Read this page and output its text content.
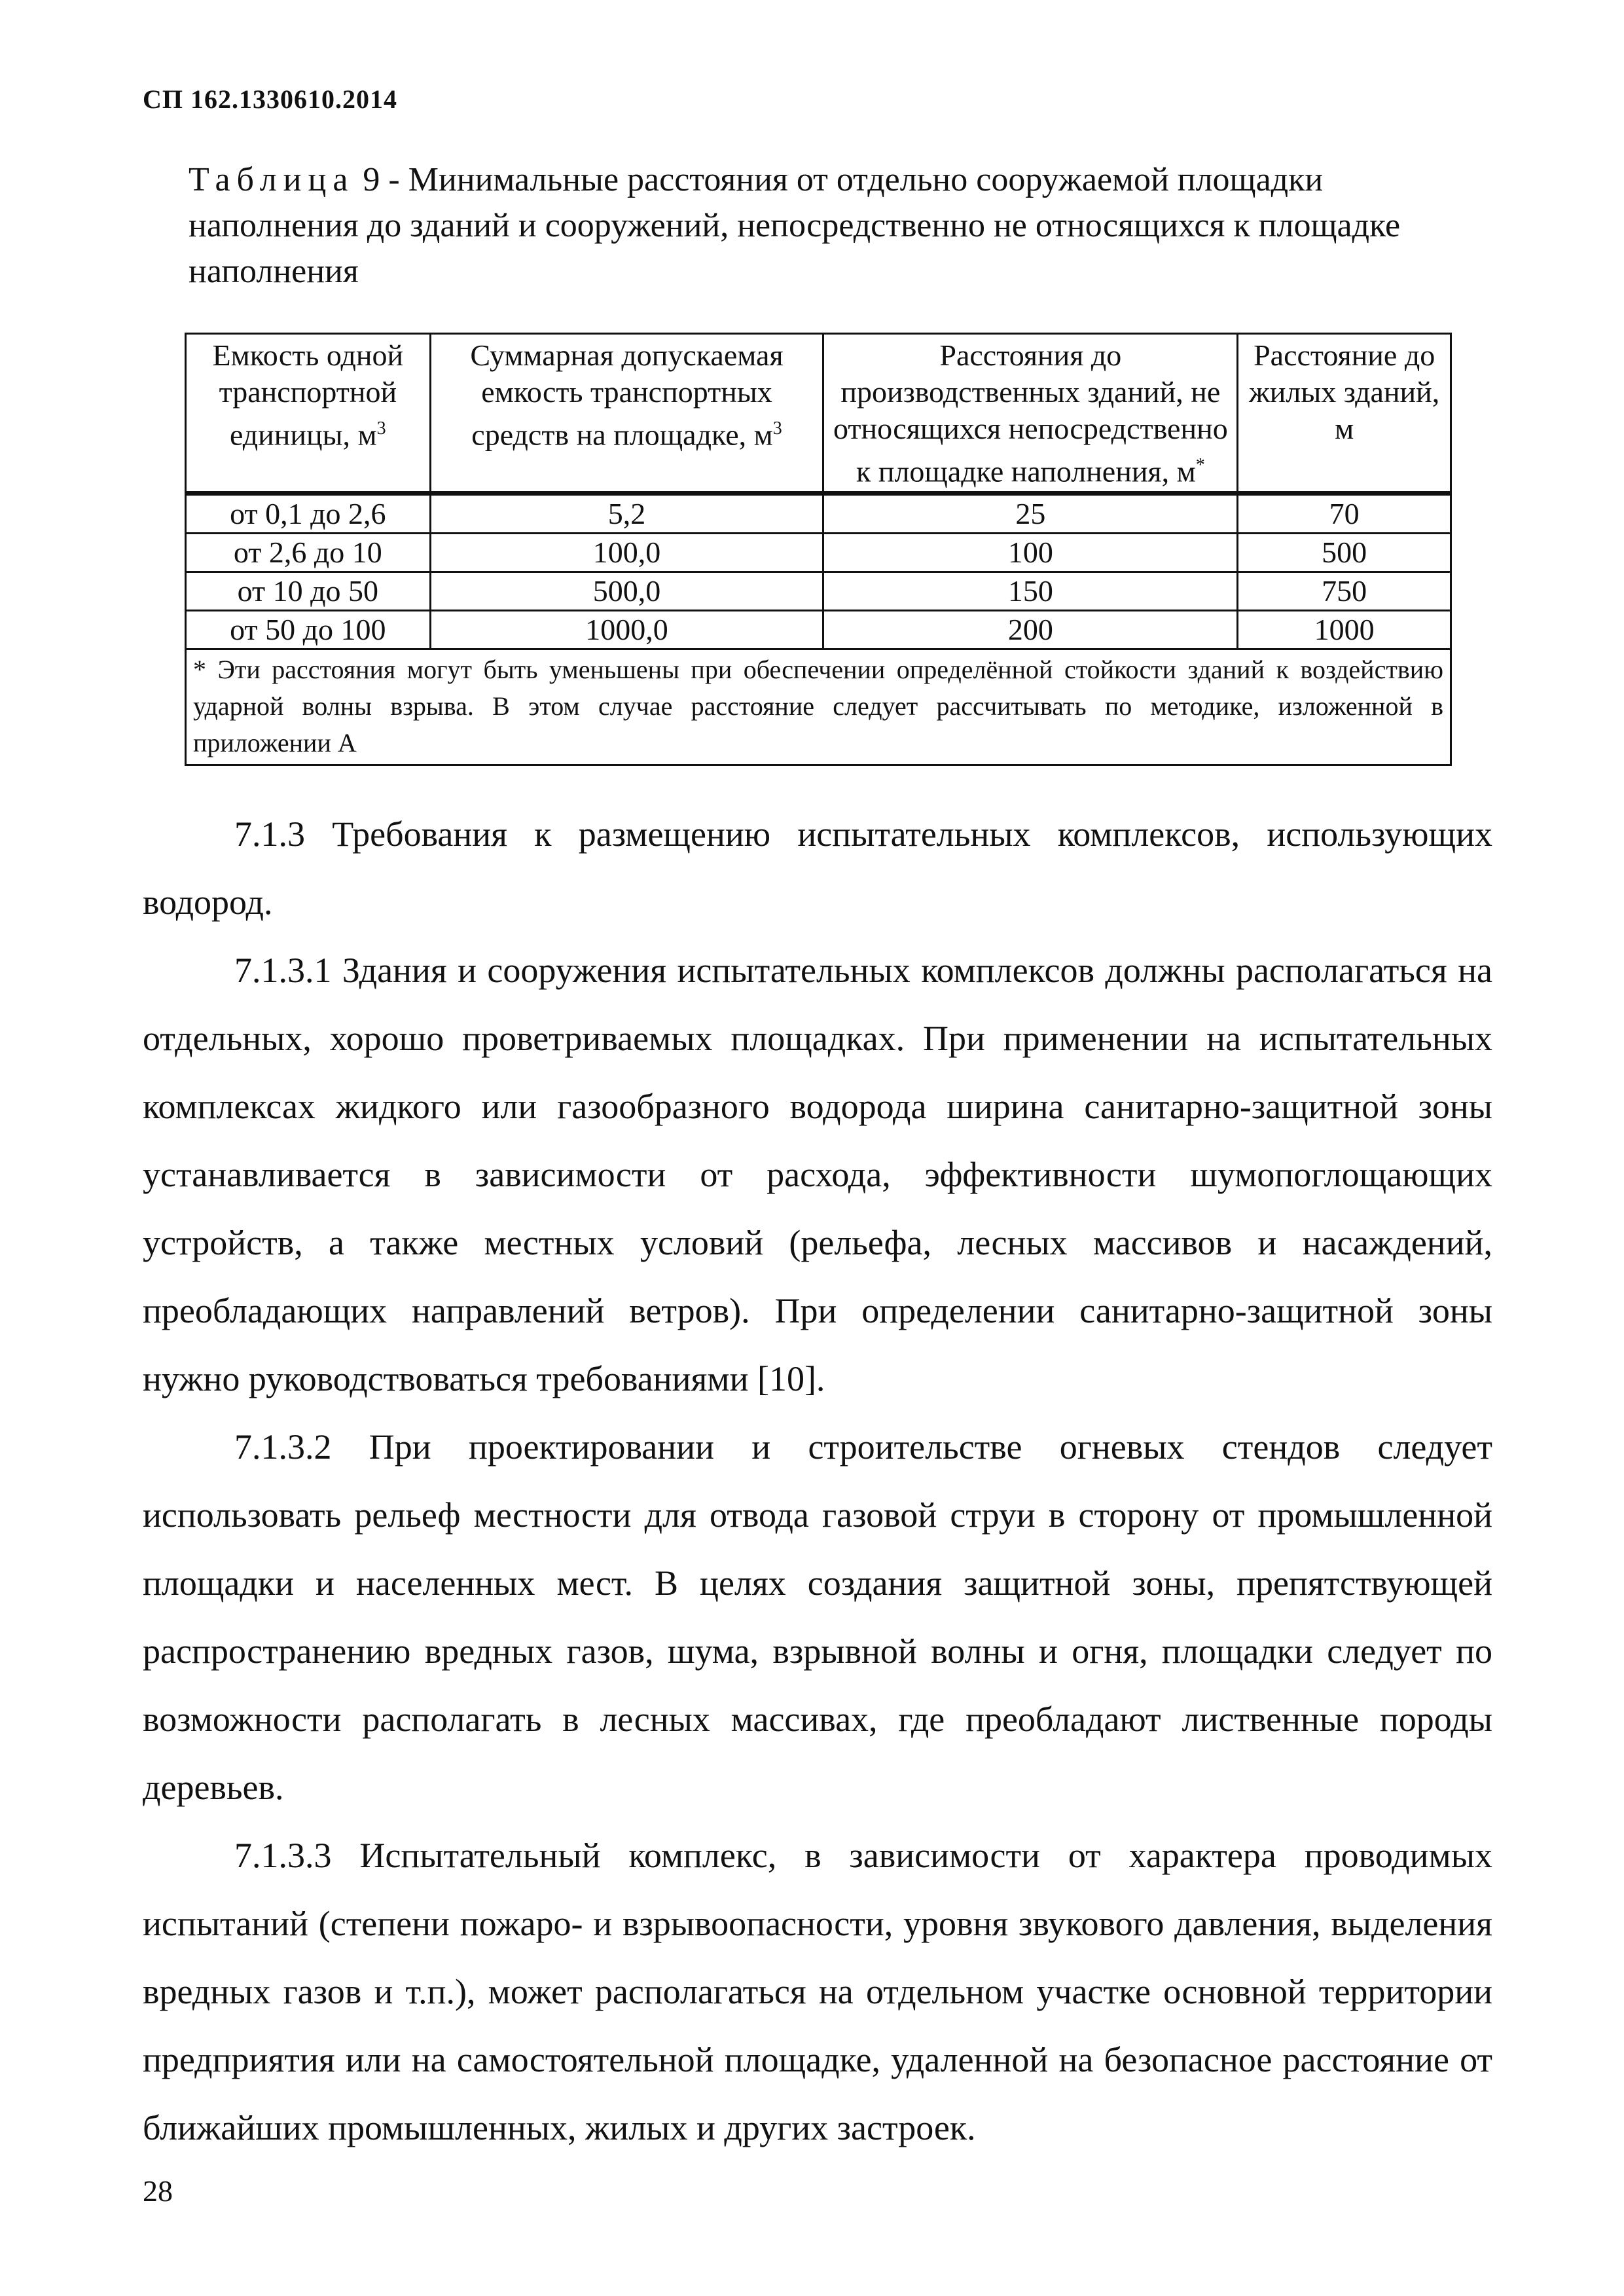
СП 162.1330610.2014
Таблица 9 - Минимальные расстояния от отдельно сооружаемой площадки наполнения до зданий и сооружений, непосредственно не относящихся к площадке наполнения
Емкость одной транспортной единицы, $м^3$	Суммарная допускаемая емкость транспортных средств на площадке, $м^3$	Расстояния до производственных зданий, не относящихся непосредственно к площадке наполнения, м*	Расстояние до жилых зданий, м
от 0,1 до 2,6	5,2	25	70
от 2,6 до 10	100,0	100	500
от 10 до 50	500,0	150	750
от 50 до 100	1000,0	200	1000
* Эти расстояния могут быть уменьшены при обеспечении определённой стойкости зданий к воздействию ударной волны взрыва. В этом случае расстояние следует рассчитывать по методике, изложенной в приложении А			

7.1.3 Требования к размещению испытательных комплексов, использующих водород.

7.1.3.1 Здания и сооружения испытательных комплексов должны располагаться на отдельных, хорошо проветриваемых площадках. При применении на испытательных комплексах жидкого или газообразного водорода ширина санитарно-защитной зоны устанавливается в зависимости от расхода, эффективности шумопоглощающих устройств, а также местных условий (рельефа, лесных массивов и насаждений, преобладающих направлений ветров). При определении санитарно-защитной зоны нужно руководствоваться требованиями [10].

7.1.3.2 При проектировании и строительстве огневых стендов следует использовать рельеф местности для отвода газовой струи в сторону от промышленной площадки и населенных мест. В целях создания защитной зоны, препятствующей распространению вредных газов, шума, взрывной волны и огня, площадки следует по возможности располагать в лесных массивах, где преобладают лиственные породы деревьев.

7.1.3.3 Испытательный комплекс, в зависимости от характера проводимых испытаний (степени пожаро- и взрывоопасности, уровня звукового давления, выделения вредных газов и т.п.), может располагаться на отдельном участке основной территории предприятия или на самостоятельной площадке, удаленной на безопасное расстояние от ближайших промышленных, жилых и других застроек.

28
